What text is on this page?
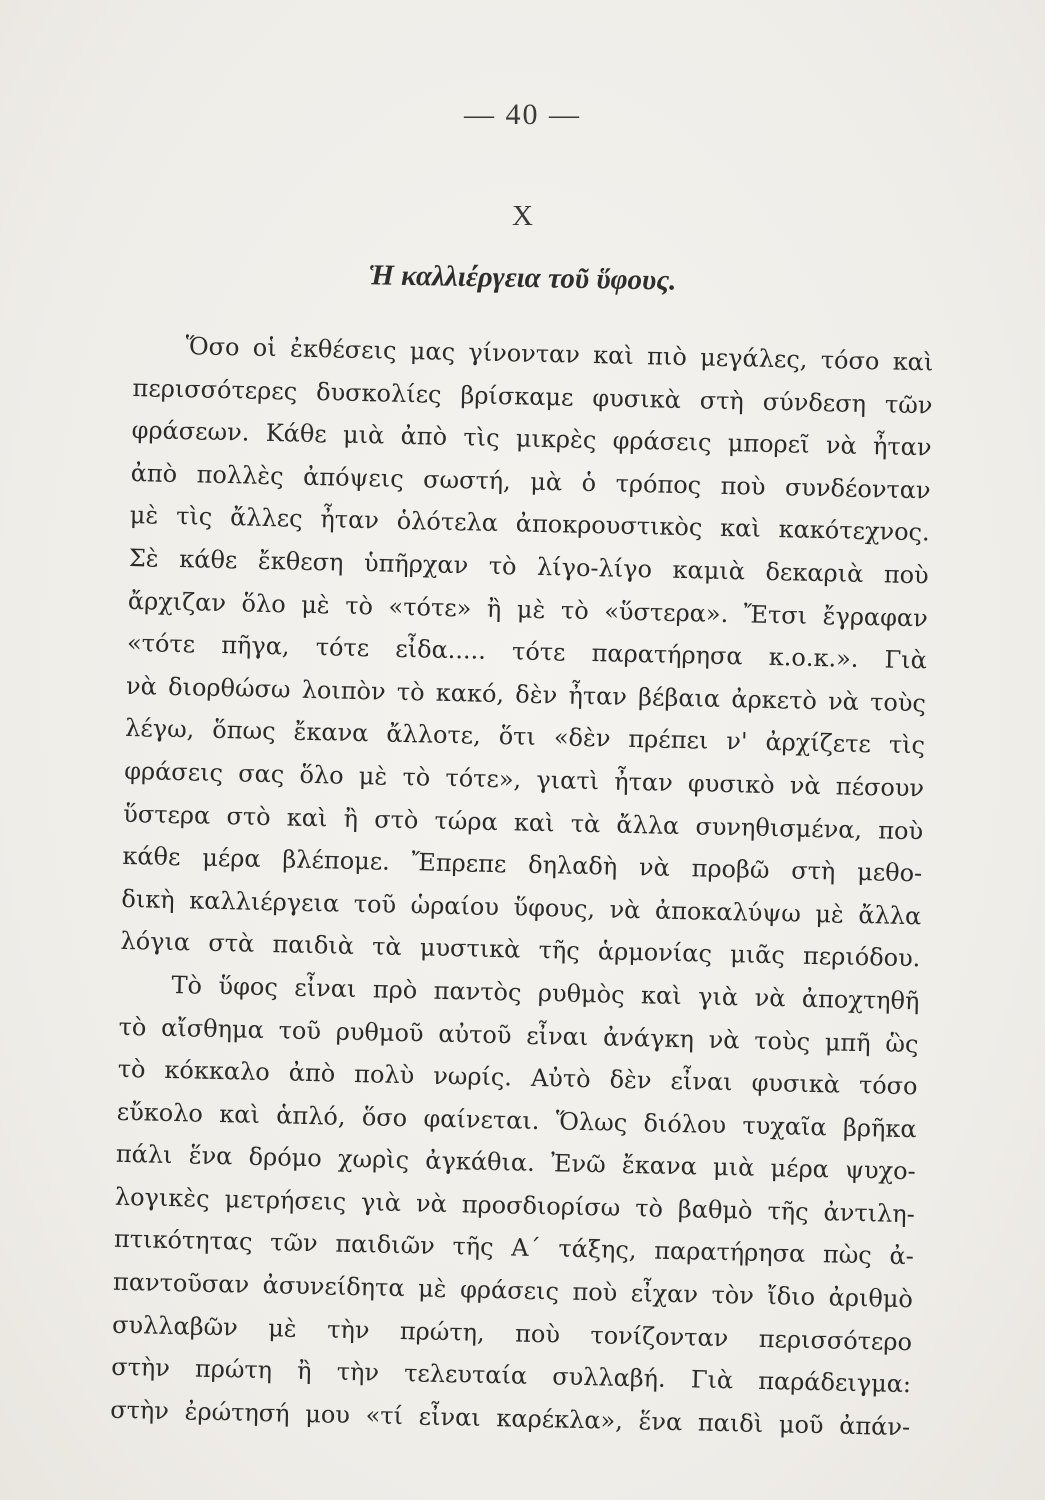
— 40 —
X
Ἡ καλλιέργεια τοῦ ὕφους.
Ὅσο οἱ ἐκθέσεις μας γίνονταν καὶ πιὸ μεγάλες, τόσο καὶ
περισσότερες δυσκολίες βρίσκαμε φυσικὰ στὴ σύνδεση τῶν
φράσεων. Κάθε μιὰ ἀπὸ τὶς μικρὲς φράσεις μπορεῖ νὰ ἦταν
ἀπὸ πολλὲς ἀπόψεις σωστή, μὰ ὁ τρόπος ποὺ συνδέονταν
μὲ τὶς ἄλλες ἦταν ὁλότελα ἀποκρουστικὸς καὶ κακότεχνος.
Σὲ κάθε ἔκθεση ὑπῆρχαν τὸ λίγο-λίγο καμιὰ δεκαριὰ ποὺ
ἄρχιζαν ὅλο μὲ τὸ «τότε» ἢ μὲ τὸ «ὕστερα». Ἔτσι ἔγραφαν
«τότε πῆγα, τότε εἶδα..... τότε παρατήρησα κ.ο.κ.». Γιὰ
νὰ διορθώσω λοιπὸν τὸ κακό, δὲν ἦταν βέβαια ἀρκετὸ νὰ τοὺς
λέγω, ὅπως ἔκανα ἄλλοτε, ὅτι «δὲν πρέπει ν' ἀρχίζετε τὶς
φράσεις σας ὅλο μὲ τὸ τότε», γιατὶ ἦταν φυσικὸ νὰ πέσουν
ὕστερα στὸ καὶ ἢ στὸ τώρα καὶ τὰ ἄλλα συνηθισμένα, ποὺ
κάθε μέρα βλέπομε. Ἔπρεπε δηλαδὴ νὰ προβῶ στὴ μεθο-
δικὴ καλλιέργεια τοῦ ὡραίου ὕφους, νὰ ἀποκαλύψω μὲ ἄλλα
λόγια στὰ παιδιὰ τὰ μυστικὰ τῆς ἁρμονίας μιᾶς περιόδου.
Τὸ ὕφος εἶναι πρὸ παντὸς ρυθμὸς καὶ γιὰ νὰ ἀποχτηθῆ
τὸ αἴσθημα τοῦ ρυθμοῦ αὐτοῦ εἶναι ἀνάγκη νὰ τοὺς μπῆ ὣς
τὸ κόκκαλο ἀπὸ πολὺ νωρίς. Αὐτὸ δὲν εἶναι φυσικὰ τόσο
εὔκολο καὶ ἁπλό, ὅσο φαίνεται. Ὅλως διόλου τυχαῖα βρῆκα
πάλι ἕνα δρόμο χωρὶς ἀγκάθια. Ἐνῶ ἔκανα μιὰ μέρα ψυχο-
λογικὲς μετρήσεις γιὰ νὰ προσδιορίσω τὸ βαθμὸ τῆς ἀντιλη-
πτικότητας τῶν παιδιῶν τῆς Α΄ τάξης, παρατήρησα πὼς ἀ-
παντοῦσαν ἀσυνείδητα μὲ φράσεις ποὺ εἶχαν τὸν ἴδιο ἀριθμὸ
συλλαβῶν μὲ τὴν πρώτη, ποὺ τονίζονταν περισσότερο
στὴν πρώτη ἢ τὴν τελευταία συλλαβή. Γιὰ παράδειγμα:
στὴν ἐρώτησή μου «τί εἶναι καρέκλα», ἕνα παιδὶ μοῦ ἀπάν-
